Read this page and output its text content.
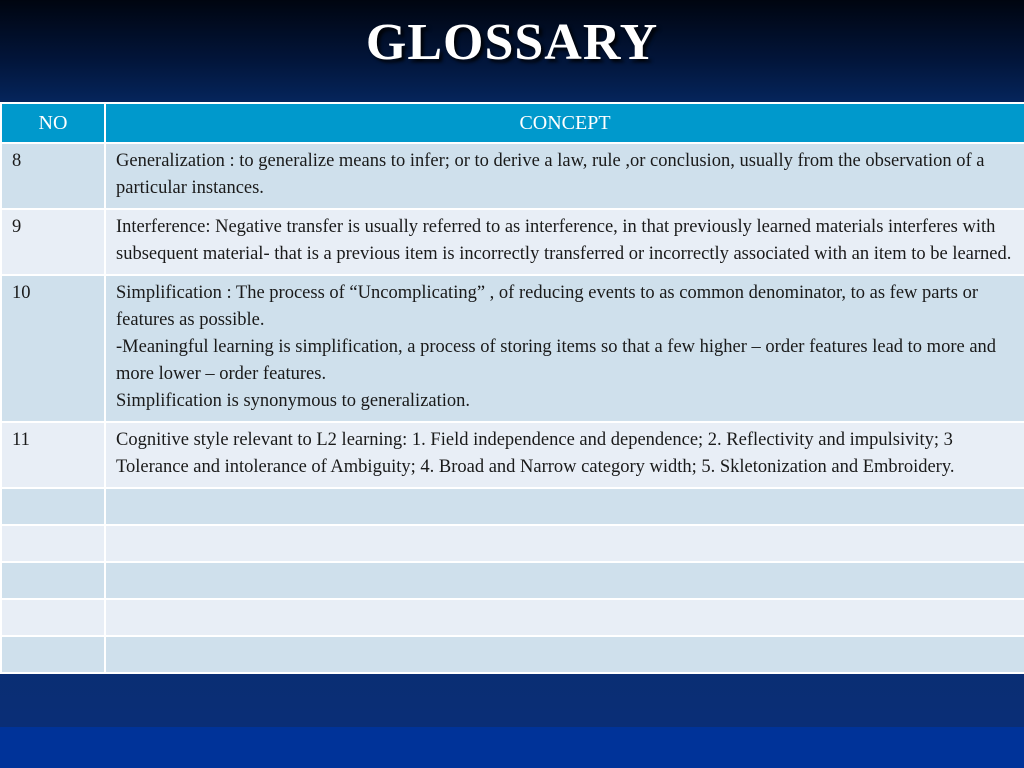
GLOSSARY
NO	CONCEPT
8	Generalization : to generalize means to infer; or to derive a law, rule ,or conclusion, usually from the observation of a particular instances.

9	Interference: Negative transfer is usually referred to as interference, in that previously learned materials interferes with subsequent material- that is a previous item is incorrectly transferred or incorrectly associated with an item to be learned.

10	Simplification : The process of “Uncomplicating” , of reducing events to as common denominator, to as few parts or features as possible.
-Meaningful learning is simplification, a process of storing items so that a few higher – order features lead to more and more lower – order features.
Simplification is synonymous to generalization.

11	Cognitive style relevant to L2 learning: 1. Field independence and dependence; 2. Reflectivity and impulsivity; 3 Tolerance and intolerance of Ambiguity; 4. Broad and Narrow category width; 5. Skletonization and Embroidery.
